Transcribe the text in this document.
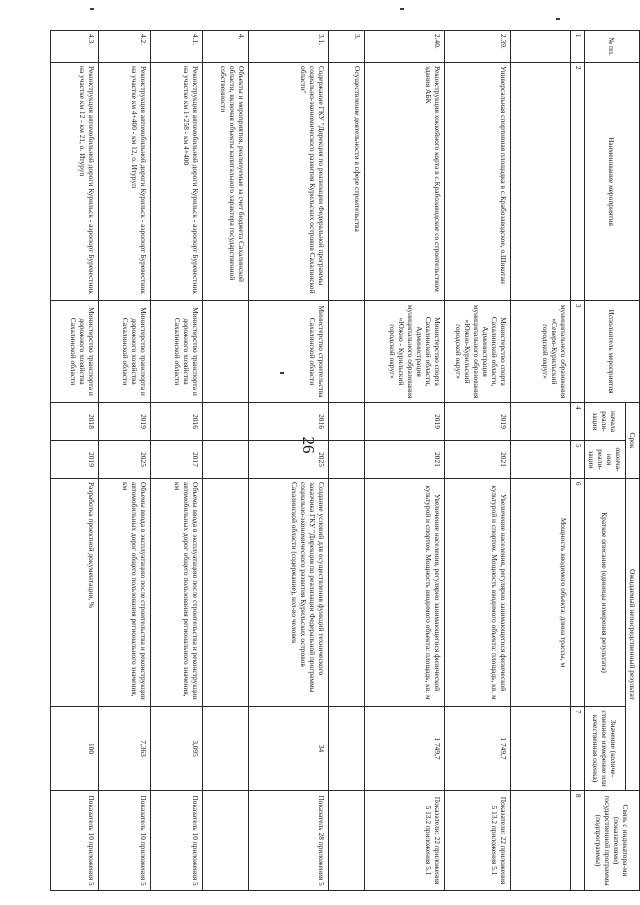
26
№ пп.	Наименование мероприятия	Исполнитель мероприятия	Срок		Ожидаемый непосредственный результат		Связь с индикатора-ми (показателями) государственной программы (подпрограммы)
			начала реали-зации	оконча-ния реали-зации	Краткое описание (единицы измерения результата)	Значение (количе-ственное измерение или качественная оценка)	

1	2	3	4	5	6	7	8
		муниципального образования «Северо-Курильский городской округ»			Мощность вводимого объекта: длина трассы, м		
2.39.	Универсальная спортивная площадка в с.Крабозаводское, о.Шикотан	Министерство спорта Сахалинской области, Администрация муниципального образования «Южно-Курильский городской округ»	2019	2021	Увеличение населения, регулярно занимающегося физической культурой и спортом. Мощность вводимого объекта: площадь, кв. м	1 749,7	Показатели: 22 приложения 5 13.2 приложения 5.1
2.40.	Реконструкция хоккейного корта в с.Крабозаводское со строительством здания АБК	Министерство спорта Сахалинской области, Администрация муниципального образования «Южно - Курильский городской округ»	2019	2021	Увеличение населения, регулярно занимающегося физической культурой и спортом. Мощность вводимого объекта: площадь, кв. м	1 749,7	Показатели: 22 приложения 5 13.2 приложения 5.1
3.	Осуществление деятельности в сфере строительства						
3.1.	Содержание ГКУ "Дирекция по реализации Федеральной программы социально-экономического развития Курильских островов Сахалинской области"	Министерство строительства Сахалинской области	2016	2025	Создание условий для осуществления функций технического заказчика ГКУ "Дирекция по реализации Федеральной программы социально-экономического развития Курильских островов Сахалинской области (содержание), кол-во человек	34	Показатель 28 приложения 5
4.	Объекты и мероприятия, реализуемые за счет бюджета Сахалинской области, включая объекты капитального характера государственной собственности						
4.1.	Реконструкция автомобильной дороги Курильск - аэропорт Буревестник на участке км 1+258 - км 4+400	Министерство транспорта и дорожного хозяйства Сахалинской области	2016	2017	Объемы ввода в эксплуатацию после строительства и реконструкции автомобильных дорог общего пользования регионального значения, км	3,095	Показатель 10 приложения 5
4.2.	Реконструкция автомобильной дороги Курильск - аэропорт Буревестник на участке км 4+400 - км 12, о. Итуруп	Министерство транспорта и дорожного хозяйства Сахалинской области	2019	2025	Объемы ввода в эксплуатацию после строительства и реконструкции автомобильных дорог общего пользования регионального значения, км	7,363	Показатель 10 приложения 5
4.3.	Реконструкция автомобильной дороги Курильск - аэропорт Буревестник на участке км 12 - км 21, о. Итуруп	Министерство транспорта и дорожного хозяйства Сахалинской области	2018	2019	Разработка проектной документации, %	100	Показатель 10 приложения 5
